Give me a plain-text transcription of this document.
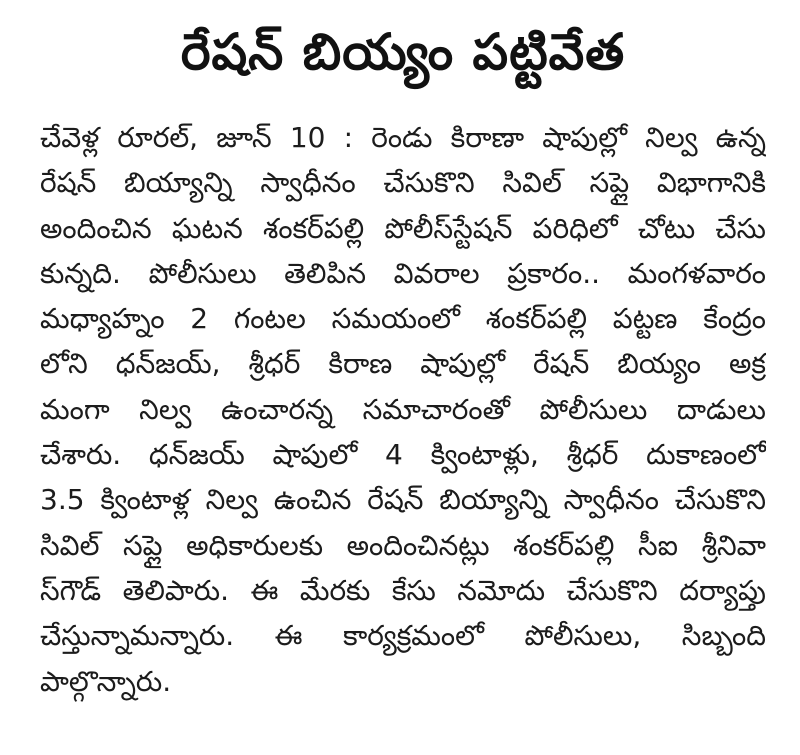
రేషన్ బియ్యం పట్టివేత
చేవెళ్ల రూరల్, జూన్ 10 : రెండు కిరాణా షాపుల్లో నిల్వ ఉన్న
రేషన్ బియ్యాన్ని స్వాధీనం చేసుకొని సివిల్ సప్లై విభాగానికి
అందించిన ఘటన శంకర్‌పల్లి పోలీస్‌స్టేషన్ పరిధిలో చోటు చేసు
కున్నది. పోలీసులు తెలిపిన వివరాల ప్రకారం.. మంగళవారం
మధ్యాహ్నం 2 గంటల సమయంలో శంకర్‌పల్లి పట్టణ కేంద్రం
లోని ధన్‌జయ్, శ్రీధర్ కిరాణ షాపుల్లో రేషన్ బియ్యం అక్ర
మంగా నిల్వ ఉంచారన్న సమాచారంతో పోలీసులు దాడులు
చేశారు. ధన్‌జయ్ షాపులో 4 క్వింటాళ్లు, శ్రీధర్ దుకాణంలో
3.5 క్వింటాళ్ల నిల్వ ఉంచిన రేషన్ బియ్యాన్ని స్వాధీనం చేసుకొని
సివిల్ సప్లై అధికారులకు అందించినట్లు శంకర్‌పల్లి సీఐ శ్రీనివా
స్‌గౌడ్ తెలిపారు. ఈ మేరకు కేసు నమోదు చేసుకొని దర్యాప్తు
చేస్తున్నామన్నారు. ఈ కార్యక్రమంలో పోలీసులు, సిబ్బంది
పాల్గొన్నారు.
